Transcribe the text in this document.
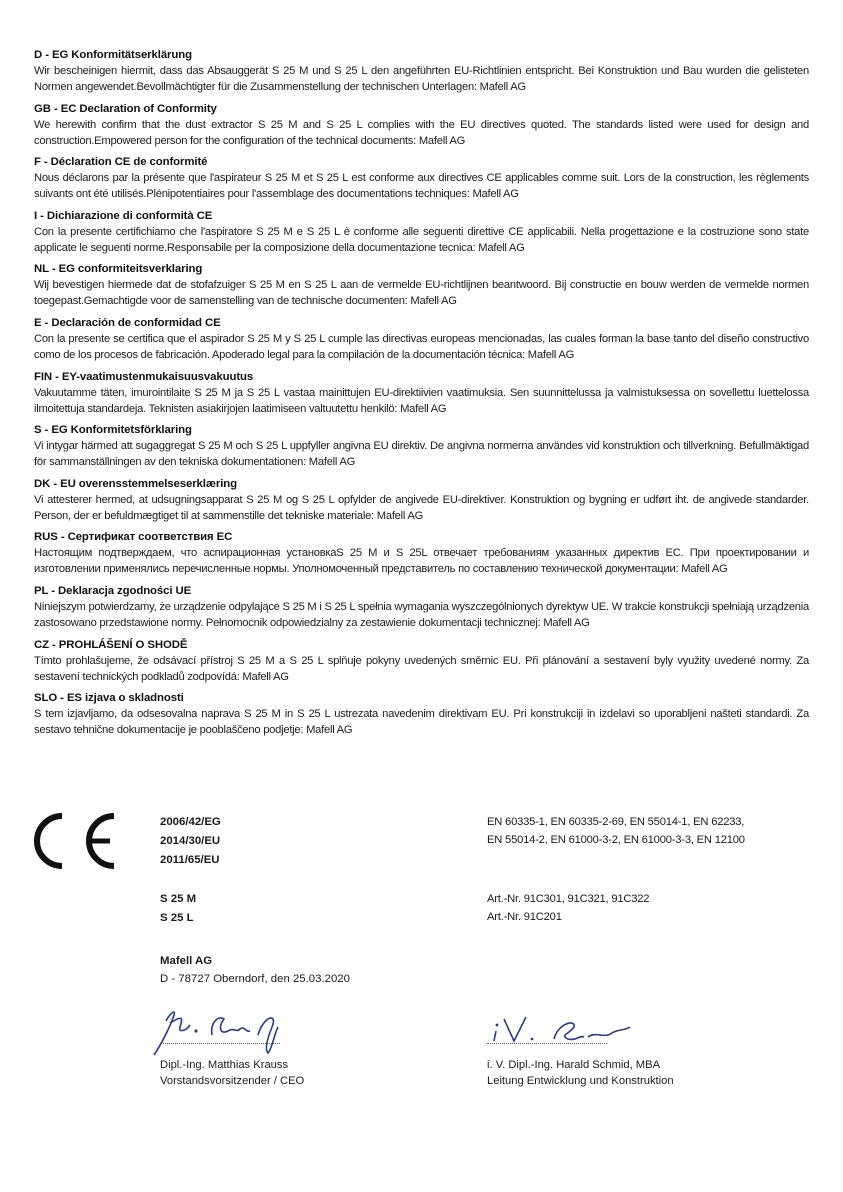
D - EG Konformitätserklärung

Wir bescheinigen hiermit, dass das Absauggerät S 25 M und S 25 L den angeführten EU-Richtlinien entspricht. Bei Konstruktion und Bau wurden die gelisteten Normen angewendet.Bevollmächtigter für die Zusammenstellung der technischen Unterlagen: Mafell AG

GB - EC Declaration of Conformity

We herewith confirm that the dust extractor S 25 M and S 25 L complies with the EU directives quoted. The standards listed were used for design and construction.Empowered person for the configuration of the technical documents: Mafell AG

F - Déclaration CE de conformité

Nous déclarons par la présente que l'aspirateur S 25 M et S 25 L est conforme aux directives CE applicables comme suit. Lors de la construction, les règlements suivants ont été utilisés.Plénipotentiaires pour l'assemblage des documentations techniques: Mafell AG

I - Dichiarazione di conformità CE

Con la presente certifichiamo che l'aspiratore S 25 M e S 25 L è conforme alle seguenti direttive CE applicabili. Nella progettazione e la costruzione sono state applicate le seguenti norme.Responsabile per la composizione della documentazione tecnica: Mafell AG

NL - EG conformiteitsverklaring

Wij bevestigen hiermede dat de stofafzuiger S 25 M en S 25 L aan de vermelde EU-richtlijnen beantwoord. Bij constructie en bouw werden de vermelde normen toegepast.Gemachtigde voor de samenstelling van de technische documenten: Mafell AG

E - Declaración de conformidad CE

Con la presente se certifica que el aspirador S 25 M y S 25 L cumple las directivas europeas mencionadas, las cuales forman la base tanto del diseño constructivo como de los procesos de fabricación. Apoderado legal para la compilación de la documentación técnica: Mafell AG

FIN - EY-vaatimustenmukaisuusvakuutus

Vakuutamme täten, imurointilaite S 25 M ja S 25 L vastaa mainittujen EU-direktiivien vaatimuksia. Sen suunnittelussa ja valmistuksessa on sovellettu luettelossa ilmoitettuja standardeja. Teknisten asiakirjojen laatimiseen valtuutettu henkilö: Mafell AG

S - EG Konformitetsförklaring

Vi intygar härmed att sugaggregat S 25 M och S 25 L uppfyller angivna EU direktiv. De angivna normerna användes vid konstruktion och tillverkning. Befullmäktigad för sammanställningen av den tekniska dokumentationen: Mafell AG

DK - EU overensstemmelseserklæring

Vi attesterer hermed, at udsugningsapparat S 25 M og S 25 L opfylder de angivede EU-direktiver. Konstruktion og bygning er udført iht. de angivede standarder. Person, der er befuldmægtiget til at sammenstille det tekniske materiale: Mafell AG

RUS - Сертификат соответствия ЕС

Настоящим подтверждаем, что аспирационная установкаS 25 M и S 25L отвечает требованиям указанных директив ЕС. При проектировании и изготовлении применялись перечисленные нормы. Уполномоченный представитель по составлению технической документации: Mafell AG

PL - Deklaracja zgodności UE

Niniejszym potwierdzamy, że urządzenie odpylające S 25 M i S 25 L spełnia wymagania wyszczególnionych dyrektyw UE. W trakcie konstrukcji spełniają urządzenia zastosowano przedstawione normy. Pełnomocnik odpowiedzialny za zestawienie dokumentacji technicznej: Mafell AG

CZ - PROHLÁŠENÍ O SHODĚ

Tímto prohlašujeme, že odsávací přístroj S 25 M a S 25 L splňuje pokyny uvedených směrnic EU. Při plánování a sestavení byly využity uvedené normy. Za sestavení technických podkladů zodpovídá: Mafell AG

SLO - ES izjava o skladnosti

S tem izjavljamo, da odsesovalna naprava S 25 M in S 25 L ustrezata navedenim direktivam EU. Pri konstrukciji in izdelavi so uporabljeni našteti standardi. Za sestavo tehnične dokumentacije je pooblaščeno podjetje: Mafell AG

2006/42/EG
2014/30/EU
2011/65/EU
EN 60335-1, EN 60335-2-69, EN 55014-1, EN 62233,
EN 55014-2, EN 61000-3-2, EN 61000-3-3, EN 12100
S 25 M
S 25 L
Art.-Nr. 91C301, 91C321, 91C322
Art.-Nr. 91C201
Mafell AG
D - 78727 Oberndorf, den 25.03.2020
Dipl.-Ing. Matthias Krauss
Vorstandsvorsitzender / CEO
i. V. Dipl.-Ing. Harald Schmid, MBA
Leitung Entwicklung und Konstruktion
